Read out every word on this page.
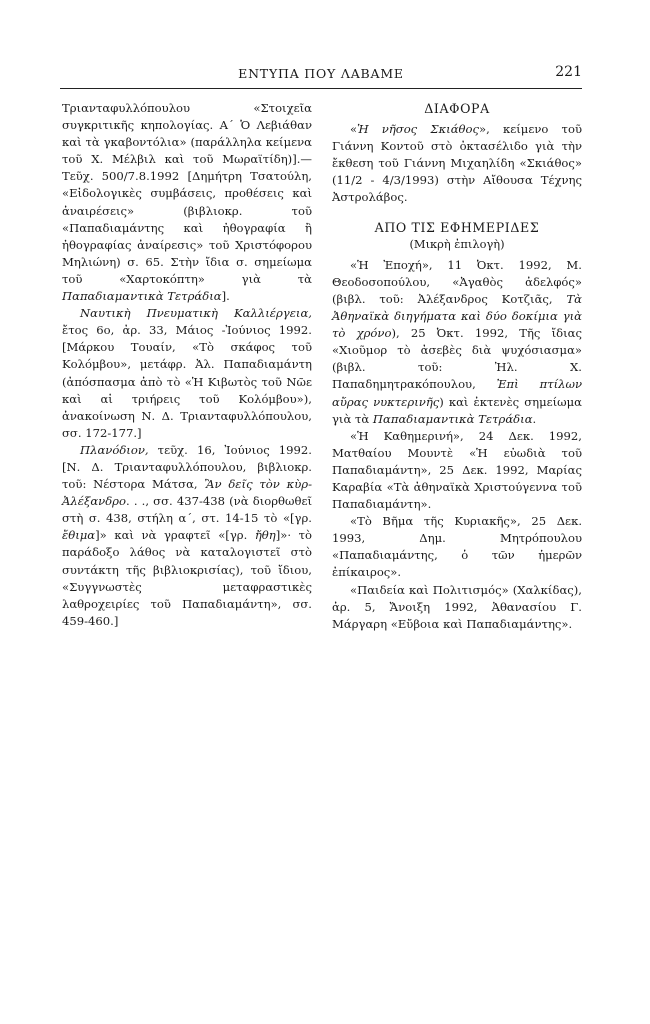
ΕΝΤΥΠΑ ΠΟΥ ΛΑΒΑΜΕ	221

Τριανταφυλλόπουλου «Στοιχεῖα συγκριτικῆς κηπολογίας. Α΄ Ὁ Λεβιάθαν καὶ τὰ γκαβοντόλια» (παράλληλα κείμενα τοῦ Χ. Μέλβιλ καὶ τοῦ Μωραϊτίδη)].— Τεῦχ. 500/7.8.1992 [Δημήτρη Τσατούλη, «Εἰδολογικὲς συμβάσεις, προθέσεις καὶ ἀναιρέσεις» (βιβλιοκρ. τοῦ «Παπαδιαμάντης καὶ ἠθογραφία ἢ ἠθογραφίας ἀναίρεσις» τοῦ Χριστόφορου Μηλιώνη) σ. 65. Στὴν ἴδια σ. σημείωμα τοῦ «Χαρτοκόπτη» γιὰ τὰ Παπαδιαμαντικὰ Τετράδια].

Ναυτικὴ Πνευματικὴ Καλλιέργεια, ἔτος 6ο, ἀρ. 33, Μάιος -Ἰούνιος 1992. [Μάρκου Τουαίν, «Τὸ σκάφος τοῦ Κολόμβου», μετάφρ. Ἀλ. Παπαδιαμάντη (ἀπόσπασμα ἀπὸ τὸ «Ἡ Κιβωτὸς τοῦ Νῶε καὶ αἱ τριήρεις τοῦ Κολόμβου»), ἀνακοίνωση Ν. Δ. Τριανταφυλλόπουλου, σσ. 172-177.]

Πλανόδιον, τεῦχ. 16, Ἰούνιος 1992. [Ν. Δ. Τριανταφυλλόπουλου, βιβλιοκρ. τοῦ: Νέστορα Μάτσα, Ἂν δεῖς τὸν κὺρ-Ἀλέξανδρο. . ., σσ. 437-438 (νὰ διορθωθεῖ στὴ σ. 438, στήλη α΄, στ. 14-15 τὸ «[γρ. ἔθιμα]» καὶ νὰ γραφτεῖ «[γρ. ἤθη]»· τὸ παράδοξο λάθος νὰ καταλογιστεῖ στὸ συντάκτη τῆς βιβλιοκρισίας), τοῦ ἴδιου, «Συγγνωστὲς μεταφραστικὲς λαθροχειρίες τοῦ Παπαδιαμάντη», σσ. 459-460.]

ΔΙΑΦΟΡΑ

«Ἡ νῆσος Σκιάθος», κείμενο τοῦ Γιάννη Κοντοῦ στὸ ὀκτασέλιδο γιὰ τὴν ἔκθεση τοῦ Γιάννη Μιχαηλίδη «Σκιάθος» (11/2 - 4/3/1993) στὴν Αἴθουσα Τέχνης Ἀστρολάβος.

ΑΠΟ ΤΙΣ ΕΦΗΜΕΡΙΔΕΣ
(Μικρὴ ἐπιλογὴ)

«Ἡ Ἐποχή», 11 Ὀκτ. 1992, Μ. Θεοδοσοπούλου, «Ἀγαθὸς ἀδελφός» (βιβλ. τοῦ: Ἀλέξανδρος Κοτζιᾶς, Τὰ Ἀθηναϊκὰ διηγήματα καὶ δύο δοκίμια γιὰ τὸ χρόνο), 25 Ὀκτ. 1992, Τῆς ἴδιας «Χιοῦμορ τὸ ἀσεβὲς διὰ ψυχόσιασμα» (βιβλ. τοῦ: Ἠλ. Χ. Παπαδημητρακόπουλου, Ἐπὶ πτίλων αὔρας νυκτερινῆς) καὶ ἐκτενὲς σημείωμα γιὰ τὰ Παπαδιαμαντικὰ Τετράδια.

«Ἡ Καθημερινή», 24 Δεκ. 1992, Ματθαίου Μουντὲ «Ἡ εὐωδιὰ τοῦ Παπαδιαμάντη», 25 Δεκ. 1992, Μαρίας Καραβία «Τὰ ἀθηναϊκὰ Χριστούγεννα τοῦ Παπαδιαμάντη».

«Τὸ Βῆμα τῆς Κυριακῆς», 25 Δεκ. 1993, Δημ. Μητρόπουλου «Παπαδιαμάντης, ὁ τῶν ἡμερῶν ἐπίκαιρος».

«Παιδεία καὶ Πολιτισμός» (Χαλκίδας), ἀρ. 5, Ἄνοιξη 1992, Ἀθανασίου Γ. Μάργαρη «Εὔβοια καὶ Παπαδιαμάντης».
